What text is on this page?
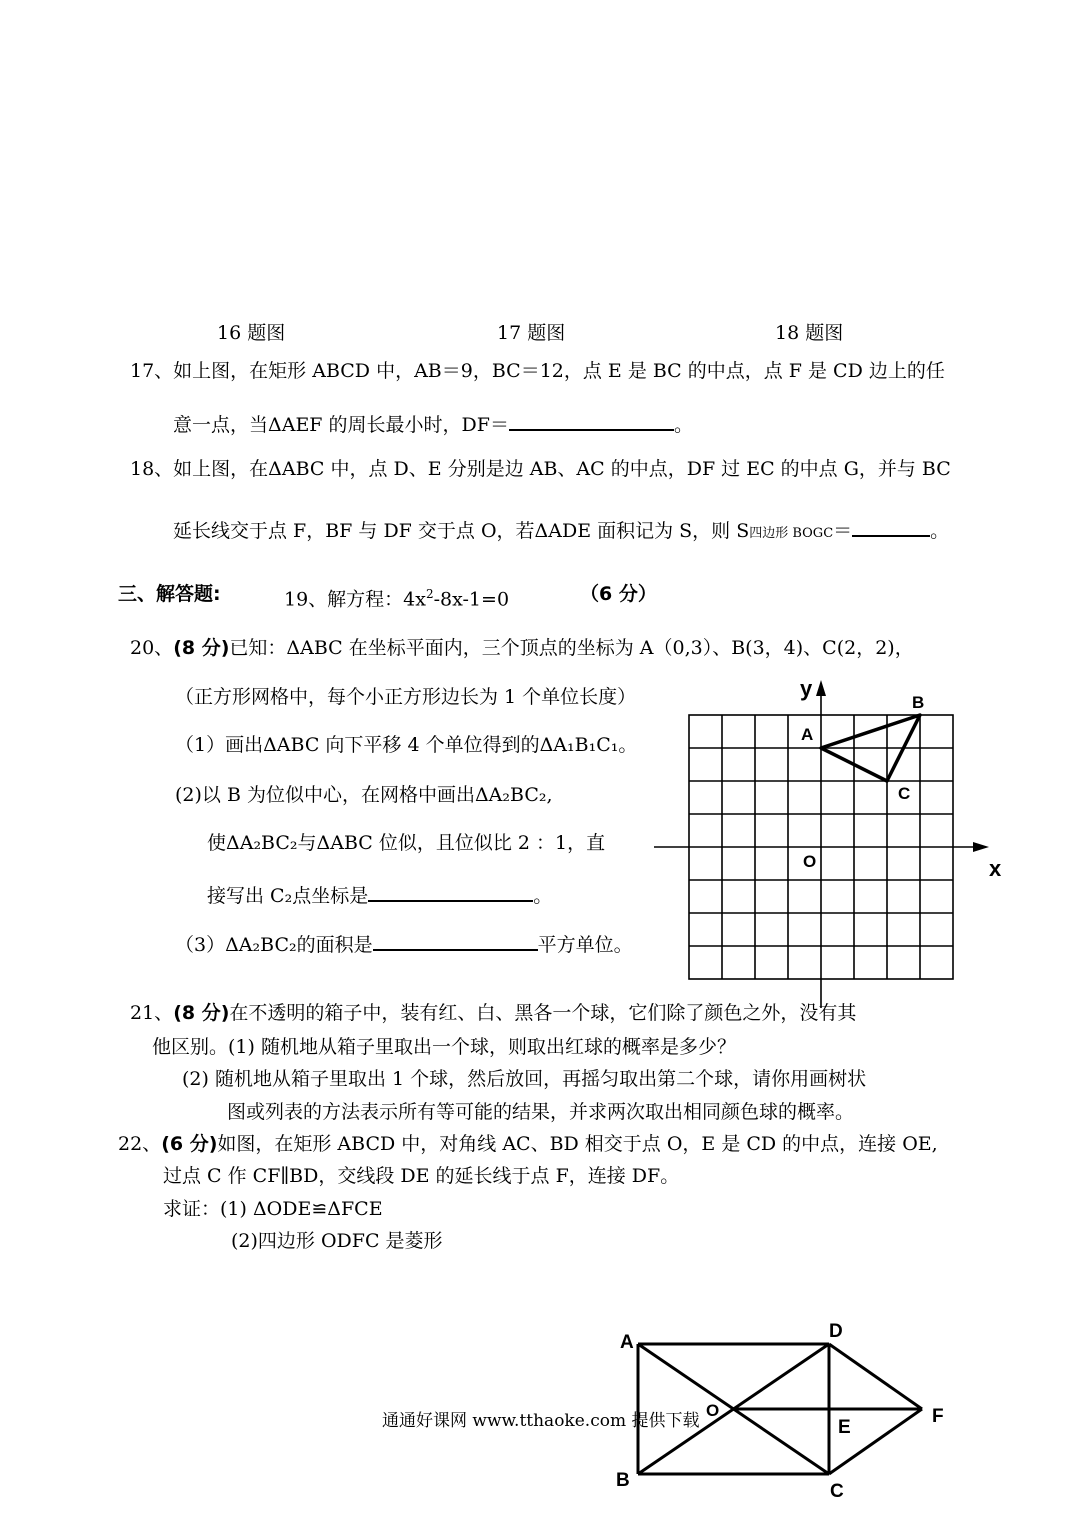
16 题图	17 题图	18 题图
17、如上图，在矩形 ABCD 中，AB＝9，BC＝12，点 E 是 BC 的中点，点 F 是 CD 边上的任
意一点，当ΔAEF 的周长最小时，DF＝	。
18、如上图，在ΔABC 中，点 D、E 分别是边 AB、AC 的中点，DF 过 EC 的中点 G，并与 BC
延长线交于点 F，BF 与 DF 交于点 O，若ΔADE 面积记为 S，则 S四边形 BOGC＝	。
三、解答题:	19、解方程：$4x^2-8x-1=0$	（6 分）
20、(8 分)已知：ΔABC 在坐标平面内，三个顶点的坐标为 A（0,3）、B(3，4)、C(2，2)，
（正方形网格中，每个小正方形边长为 1 个单位长度）
（1）画出ΔABC 向下平移 4 个单位得到的ΔA₁B₁C₁。
(2)以 B 为位似中心，在网格中画出ΔA₂BC₂,
使ΔA₂BC₂与ΔABC 位似，且位似比 2 ：1，直
接写出 C₂点坐标是	。
（3）ΔA₂BC₂的面积是	平方单位。
y
x
O
A
B
C
21、(8 分)在不透明的箱子中，装有红、白、黑各一个球，它们除了颜色之外，没有其
他区别。(1) 随机地从箱子里取出一个球，则取出红球的概率是多少？
(2) 随机地从箱子里取出 1 个球，然后放回，再摇匀取出第二个球，请你用画树状
图或列表的方法表示所有等可能的结果，并求两次取出相同颜色球的概率。
22、(6 分)如图，在矩形 ABCD 中，对角线 AC、BD 相交于点 O，E 是 CD 的中点，连接 OE,
过点 C 作 CF∥BD，交线段 DE 的延长线于点 F，连接 DF。
求证：(1) ΔODE≌ΔFCE
(2)四边形 ODFC 是菱形
A
D
O	F
E
B
C
通通好课网 www.tthaoke.com 提供下载
